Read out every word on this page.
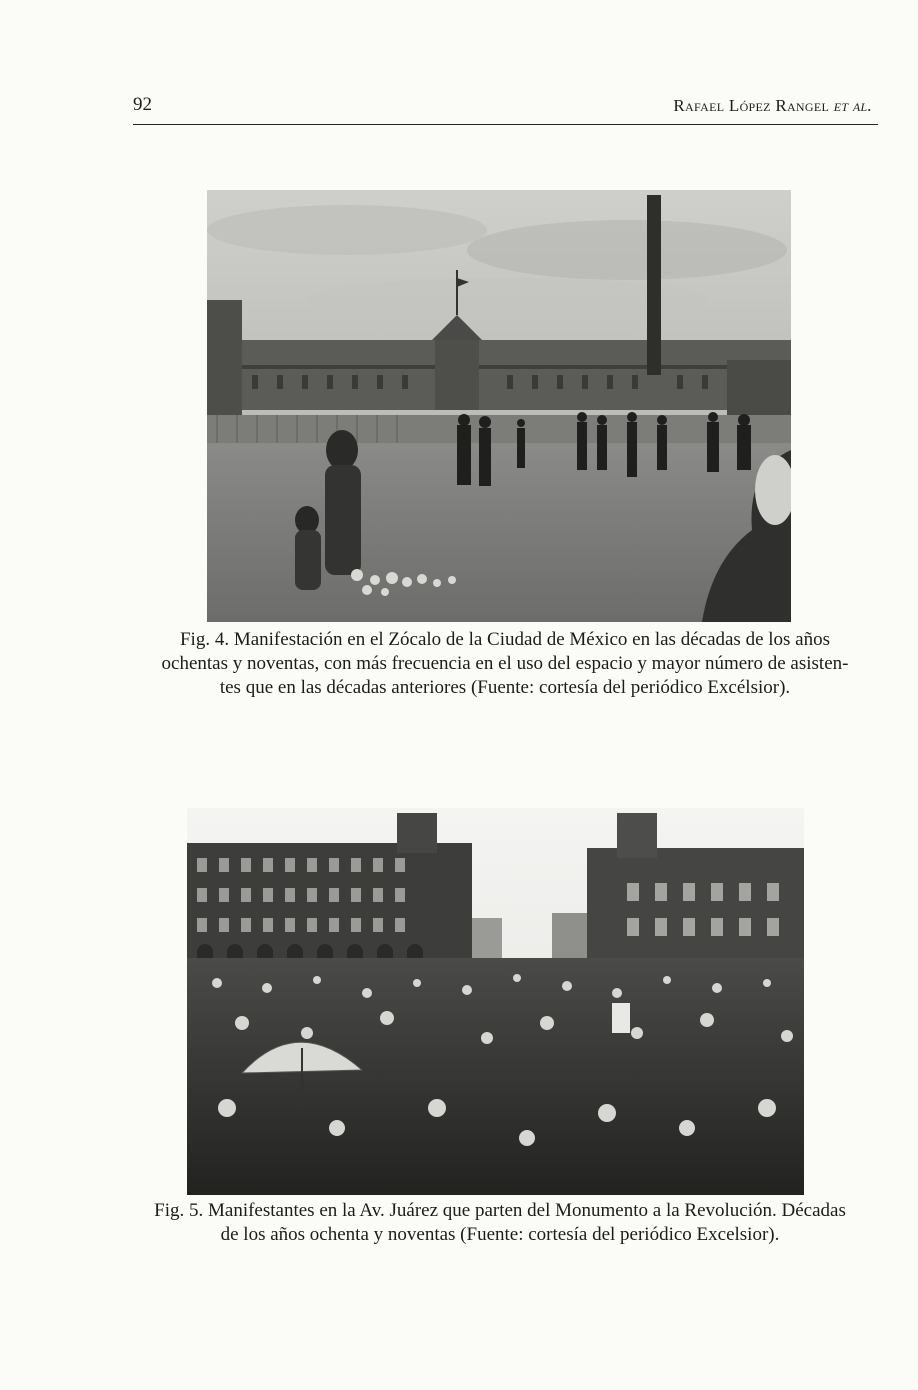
92	Rafael López Rangel et al.
Fig. 4. Manifestación en el Zócalo de la Ciudad de México en las décadas de los años
ochentas y noventas, con más frecuencia en el uso del espacio y mayor número de asisten-
tes que en las décadas anteriores (Fuente: cortesía del periódico Excélsior).
Fig. 5. Manifestantes en la Av. Juárez que parten del Monumento a la Revolución. Décadas
de los años ochenta y noventas (Fuente: cortesía del periódico Excelsior).
